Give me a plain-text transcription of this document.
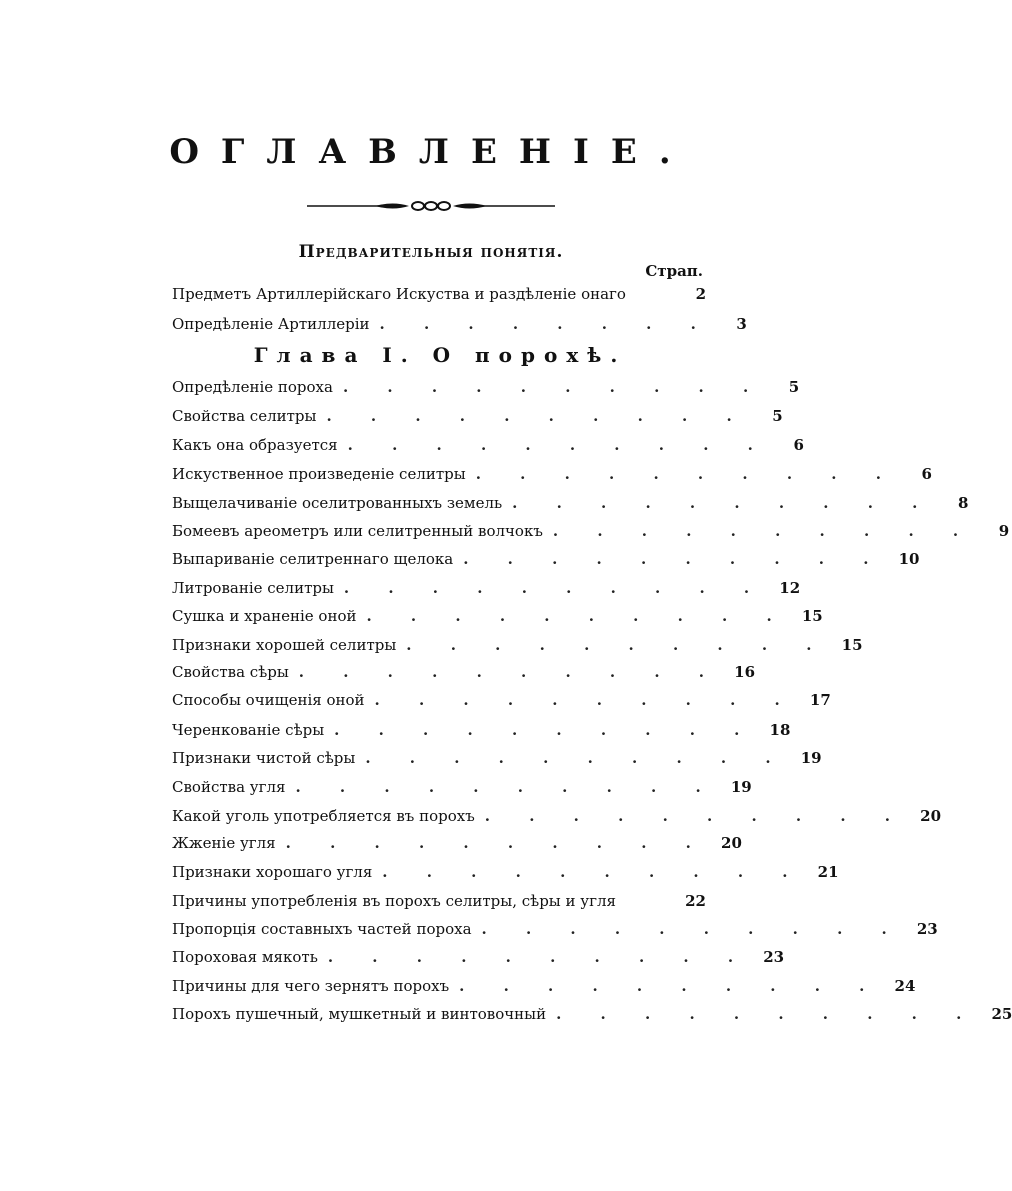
ОГЛАВЛЕНІЕ.
Предварительныя понятія.
Страп.
Предметъ Артиллерійскаго Искуства и раздѣленіе онаго	2
Опредѣленіе Артиллеріи . . . . . . . .	3
Глава I. О порохѣ.
Опредѣленіе пороха . . . . . . . . . .	5
Свойства селитры . . . . . . . . . .	5
Какъ она образуется . . . . . . . . . .	6
Искуственное произведеніе селитры . . . . . . . . . .	6
Выщелачиваніе оселитрованныхъ земель . . . . . . . . . .	8
Бомеевъ ареометръ или селитренный волчокъ . . . . . . . . . .	9
Выпариваніе селитреннаго щелока . . . . . . . . . . 10
Литрованіе селитры . . . . . . . . . . 12
Сушка и храненіе оной . . . . . . . . . . 15
Признаки хорошей селитры . . . . . . . . . . 15
Свойства сѣры . . . . . . . . . . 16
Способы очищенія оной . . . . . . . . . . 17
Черенкованіе сѣры . . . . . . . . . . 18
Признаки чистой сѣры . . . . . . . . . . 19
Свойства угля . . . . . . . . . . 19
Какой уголь употребляется въ порохъ . . . . . . . . . . 20
Жженіе угля . . . . . . . . . . 20
Признаки хорошаго угля . . . . . . . . . . 21
Причины употребленія въ порохъ селитры, сѣры и угля	22
Пропорція составныхъ частей пороха . . . . . . . . . . 23
Пороховая мякоть . . . . . . . . . . 23
Причины для чего зернятъ порохъ . . . . . . . . . . 24
Порохъ пушечный, мушкетный и винтовочный . . . . . . . . . . 25
